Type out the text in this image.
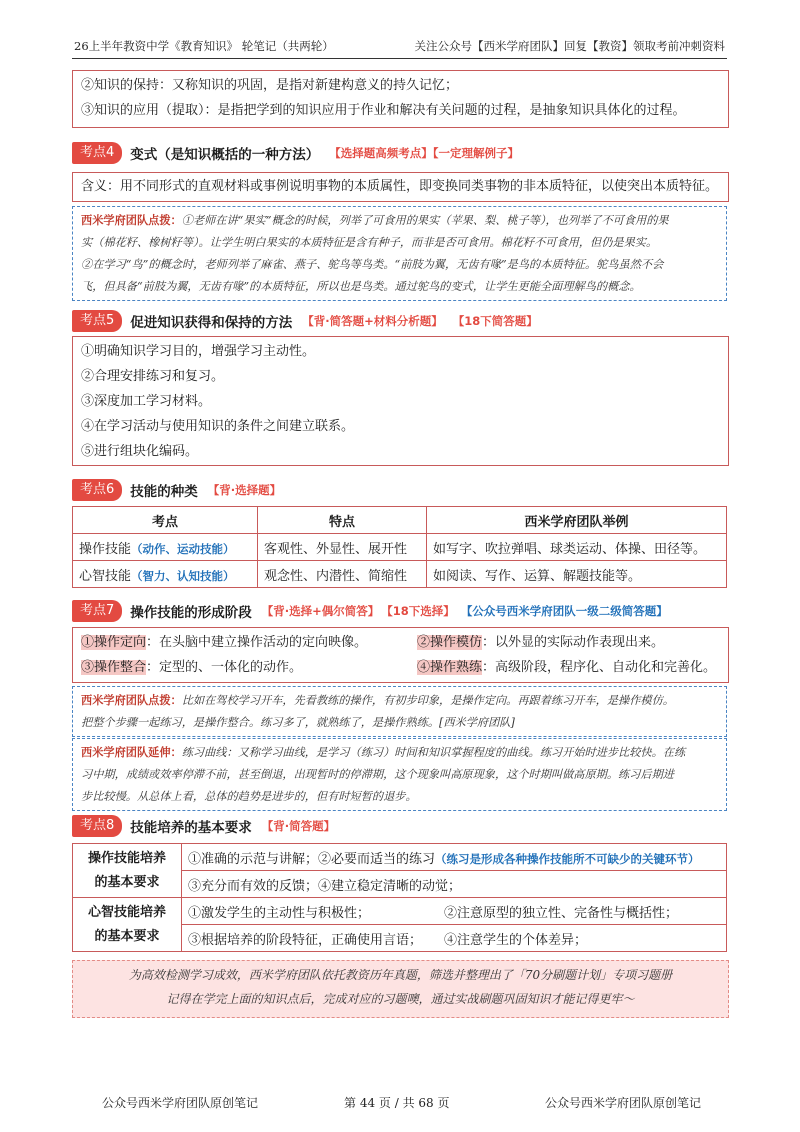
26上半年教资中学《教育知识》 轮笔记（共两轮）	关注公众号【西米学府团队】回复【教资】领取考前冲刺资料
②知识的保持：又称知识的巩固，是指对新建构意义的持久记忆；
③知识的应用（提取）：是指把学到的知识应用于作业和解决有关问题的过程，是抽象知识具体化的过程。
考点4	变式（是知识概括的一种方法） 【选择题高频考点】【一定理解例子】
含义：用不同形式的直观材料或事例说明事物的本质属性，即变换同类事物的非本质特征，以使突出本质特征。
西米学府团队点拨：①老师在讲“果实”概念的时候，列举了可食用的果实（苹果、梨、桃子等），也列举了不可食用的果
实（棉花籽、橡树籽等）。让学生明白果实的本质特征是含有种子，而非是否可食用。棉花籽不可食用，但仍是果实。
②在学习“鸟”的概念时，老师列举了麻雀、燕子、鸵鸟等鸟类。“前肢为翼，无齿有喙”是鸟的本质特征。鸵鸟虽然不会
飞，但具备“前肢为翼，无齿有喙”的本质特征，所以也是鸟类。通过鸵鸟的变式，让学生更能全面理解鸟的概念。
考点5	促进知识获得和保持的方法 【背·简答题+材料分析题】 【18下简答题】
①明确知识学习目的，增强学习主动性。
②合理安排练习和复习。
③深度加工学习材料。
④在学习活动与使用知识的条件之间建立联系。
⑤进行组块化编码。
考点6	技能的种类 【背·选择题】
考点	特点	西米学府团队举例
操作技能（动作、运动技能）	客观性、外显性、展开性	如写字、吹拉弹唱、球类运动、体操、田径等。
心智技能（智力、认知技能）	观念性、内潜性、简缩性	如阅读、写作、运算、解题技能等。
考点7	操作技能的形成阶段 【背·选择+偶尔简答】 【18下选择】 【公众号西米学府团队一级二级简答题】
①操作定向：在头脑中建立操作活动的定向映像。	②操作模仿：以外显的实际动作表现出来。
③操作整合：定型的、一体化的动作。	④操作熟练：高级阶段，程序化、自动化和完善化。
西米学府团队点拨：比如在驾校学习开车，先看教练的操作，有初步印象，是操作定向。再跟着练习开车，是操作模仿。
把整个步骤一起练习，是操作整合。练习多了，就熟练了，是操作熟练。[西米学府团队]
西米学府团队延伸：练习曲线：又称学习曲线，是学习（练习）时间和知识掌握程度的曲线。练习开始时进步比较快。在练
习中期，成绩或效率停滞不前，甚至倒退，出现暂时的停滞期，这个现象叫高原现象，这个时期叫做高原期。练习后期进
步比较慢。从总体上看，总体的趋势是进步的，但有时短暂的退步。
考点8	技能培养的基本要求 【背·简答题】
操作技能培养
的基本要求	①准确的示范与讲解；②必要而适当的练习（练习是形成各种操作技能所不可缺少的关键环节）	
	③充分而有效的反馈；④建立稳定清晰的动觉；	

心智技能培养
的基本要求	①激发学生的主动性与积极性；	②注意原型的独立性、完备性与概括性；
	③根据培养的阶段特征，正确使用言语；	④注意学生的个体差异；
为高效检测学习成效，西米学府团队依托教资历年真题，筛选并整理出了「70分刷题计划」专项习题册
记得在学完上面的知识点后，完成对应的习题噢，通过实战刷题巩固知识才能记得更牢～
公众号西米学府团队原创笔记	第 44 页 / 共 68 页	公众号西米学府团队原创笔记
